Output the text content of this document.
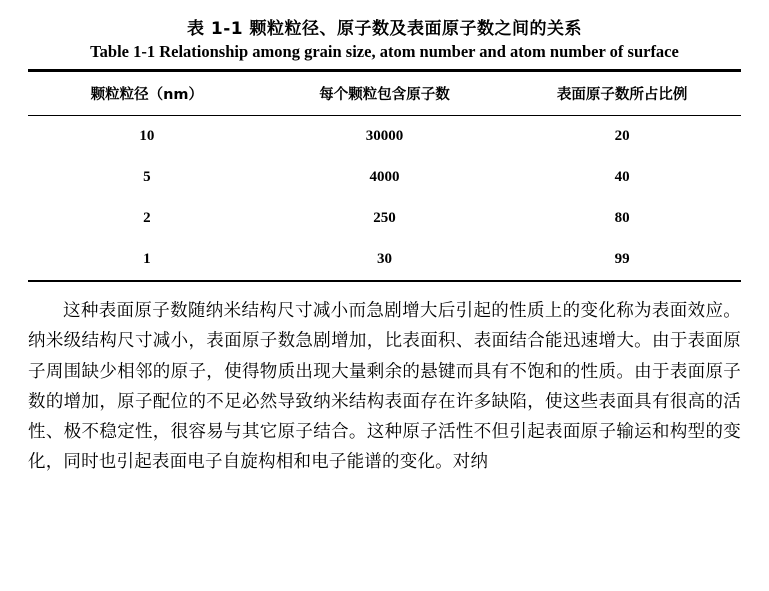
表 1-1 颗粒粒径、原子数及表面原子数之间的关系
Table 1-1 Relationship among grain size, atom number and atom number of surface

颗粒粒径（nm）	每个颗粒包含原子数	表面原子数所占比例

10	30000	20
5	4000	40
2	250	80
1	30	99

这种表面原子数随纳米结构尺寸减小而急剧增大后引起的性质上的变化称为表面效应。纳米级结构尺寸减小，表面原子数急剧增加，比表面积、表面结合能迅速增大。由于表面原子周围缺少相邻的原子，使得物质出现大量剩余的悬键而具有不饱和的性质。由于表面原子数的增加，原子配位的不足必然导致纳米结构表面存在许多缺陷，使这些表面具有很高的活性、极不稳定性，很容易与其它原子结合。这种原子活性不但引起表面原子输运和构型的变化，同时也引起表面电子自旋构相和电子能谱的变化。对纳
